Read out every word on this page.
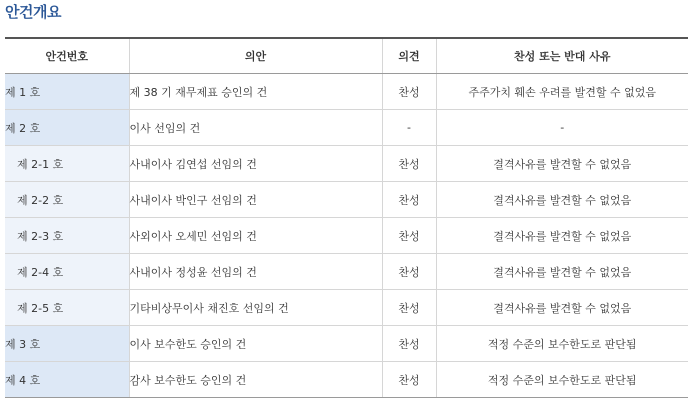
안건개요
안건번호	의안	의견	찬성 또는 반대 사유
제 1 호	제 38 기 재무제표 승인의 건	찬성	주주가치 훼손 우려를 발견할 수 없었음
제 2 호	이사 선임의 건	-	-
제 2-1 호	사내이사 김연섭 선임의 건	찬성	결격사유를 발견할 수 없었음
제 2-2 호	사내이사 박인구 선임의 건	찬성	결격사유를 발견할 수 없었음
제 2-3 호	사외이사 오세민 선임의 건	찬성	결격사유를 발견할 수 없었음
제 2-4 호	사내이사 정성윤 선임의 건	찬성	결격사유를 발견할 수 없었음
제 2-5 호	기타비상무이사 채진호 선임의 건	찬성	결격사유를 발견할 수 없었음
제 3 호	이사 보수한도 승인의 건	찬성	적정 수준의 보수한도로 판단됨
제 4 호	감사 보수한도 승인의 건	찬성	적정 수준의 보수한도로 판단됨
